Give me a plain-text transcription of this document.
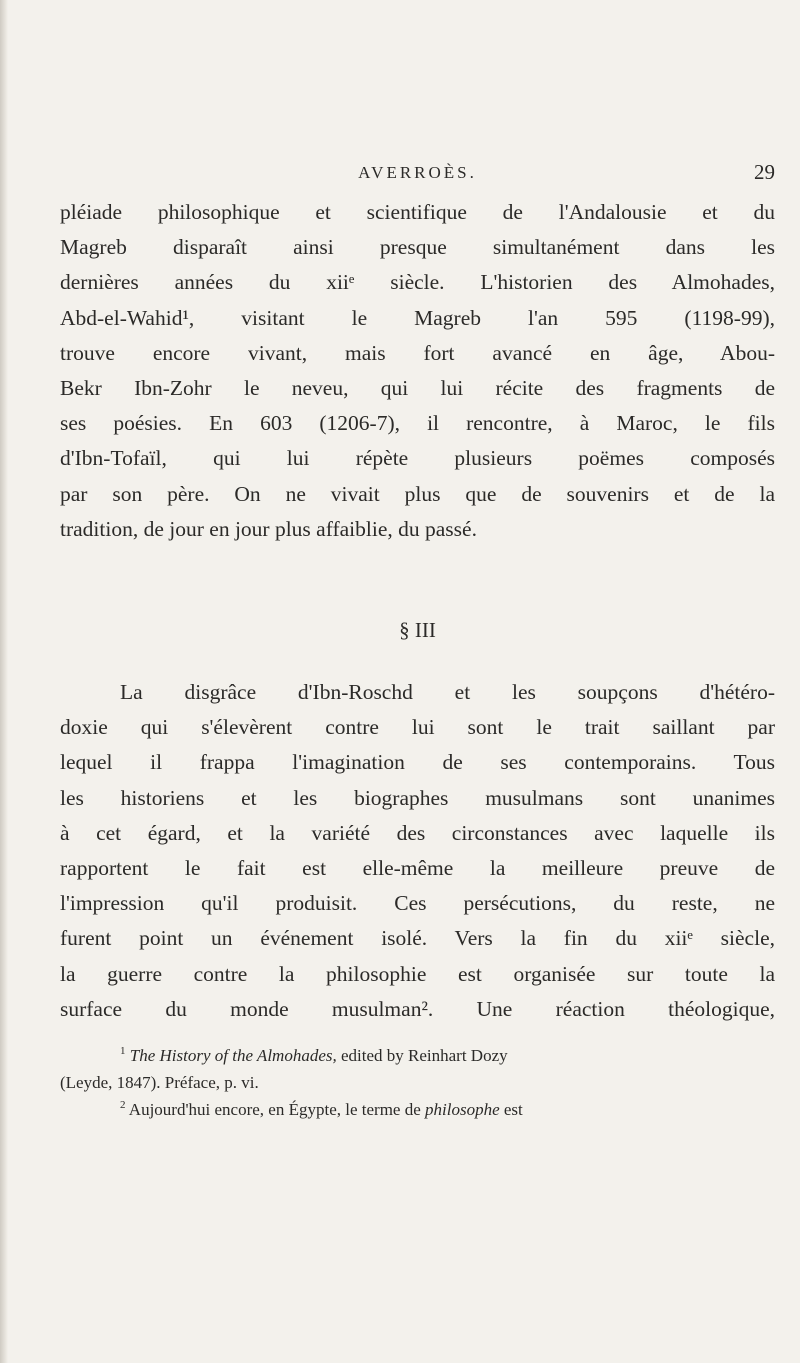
AVERROÈS.	29
pléiade philosophique et scientifique de l'Andalousie et du
Magreb disparaît ainsi presque simultanément dans les
dernières années du xiiᵉ siècle. L'historien des Almohades,
Abd-el-Wahid¹, visitant le Magreb l'an 595 (1198-99),
trouve encore vivant, mais fort avancé en âge, Abou-
Bekr Ibn-Zohr le neveu, qui lui récite des fragments de
ses poésies. En 603 (1206-7), il rencontre, à Maroc, le fils
d'Ibn-Tofaïl, qui lui répète plusieurs poëmes composés
par son père. On ne vivait plus que de souvenirs et de la
tradition, de jour en jour plus affaiblie, du passé.
§ III
La disgrâce d'Ibn-Roschd et les soupçons d'hétéro-
doxie qui s'élevèrent contre lui sont le trait saillant par
lequel il frappa l'imagination de ses contemporains. Tous
les historiens et les biographes musulmans sont unanimes
à cet égard, et la variété des circonstances avec laquelle ils
rapportent le fait est elle-même la meilleure preuve de
l'impression qu'il produisit. Ces persécutions, du reste, ne
furent point un événement isolé. Vers la fin du xiiᵉ siècle,
la guerre contre la philosophie est organisée sur toute la
surface du monde musulman². Une réaction théologique,
$^1$ The History of the Almohades, edited by Reinhart Dozy
(Leyde, 1847). Préface, p. vi.
$^2$ Aujourd'hui encore, en Égypte, le terme de philosophe est
